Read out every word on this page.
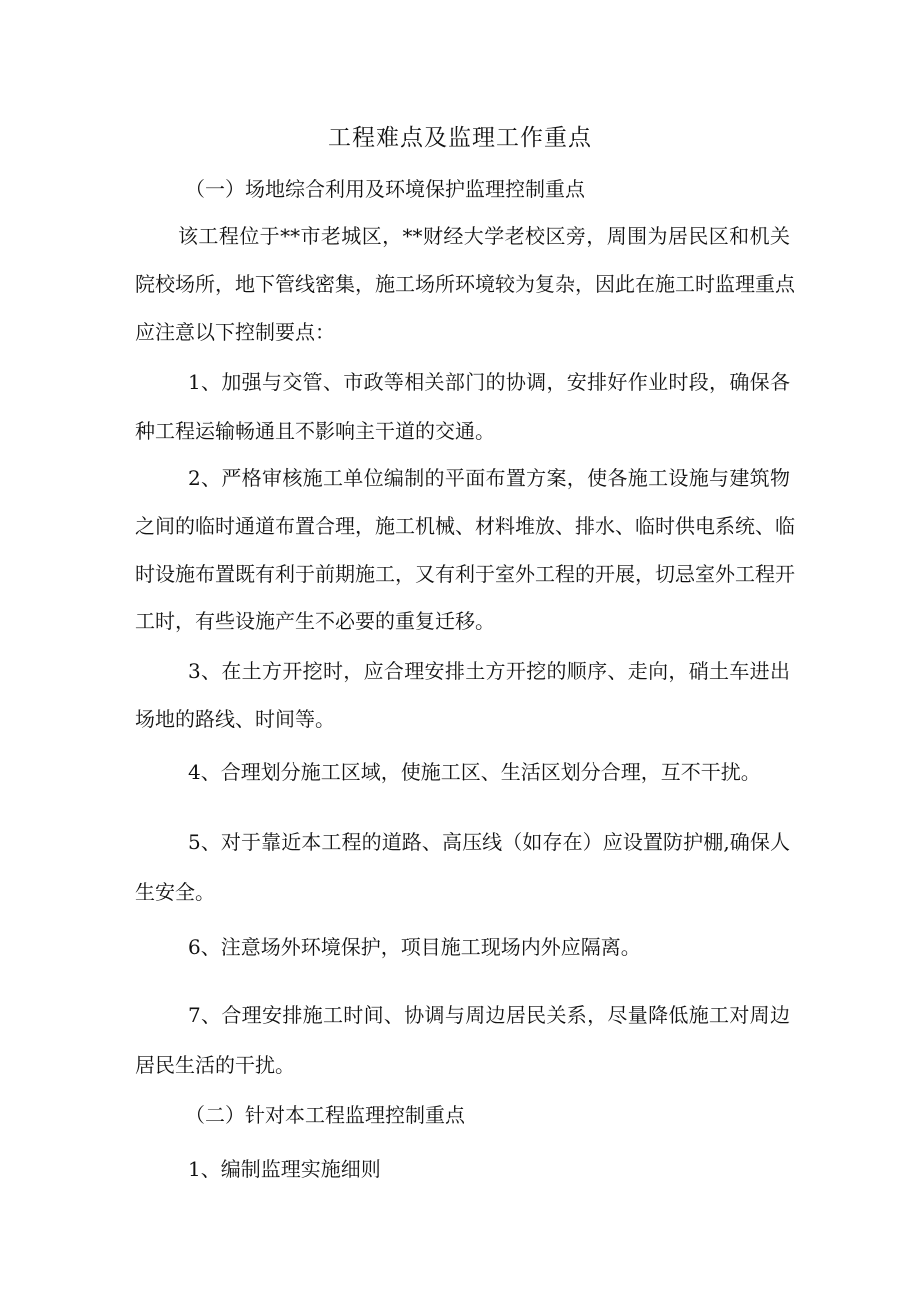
工程难点及监理工作重点
（一）场地综合利用及环境保护监理控制重点
该工程位于**市老城区，**财经大学老校区旁，周围为居民区和机关
院校场所，地下管线密集，施工场所环境较为复杂，因此在施工时监理重点
应注意以下控制要点：
1、加强与交管、市政等相关部门的协调，安排好作业时段，确保各
种工程运输畅通且不影响主干道的交通。
2、严格审核施工单位编制的平面布置方案，使各施工设施与建筑物
之间的临时通道布置合理，施工机械、材料堆放、排水、临时供电系统、临
时设施布置既有利于前期施工，又有利于室外工程的开展，切忌室外工程开
工时，有些设施产生不必要的重复迁移。
3、在土方开挖时，应合理安排土方开挖的顺序、走向，硝土车进出
场地的路线、时间等。
4、合理划分施工区域，使施工区、生活区划分合理，互不干扰。
5、对于靠近本工程的道路、高压线（如存在）应设置防护棚,确保人
生安全。
6、注意场外环境保护，项目施工现场内外应隔离。
7、合理安排施工时间、协调与周边居民关系，尽量降低施工对周边
居民生活的干扰。
（二）针对本工程监理控制重点
1、编制监理实施细则
